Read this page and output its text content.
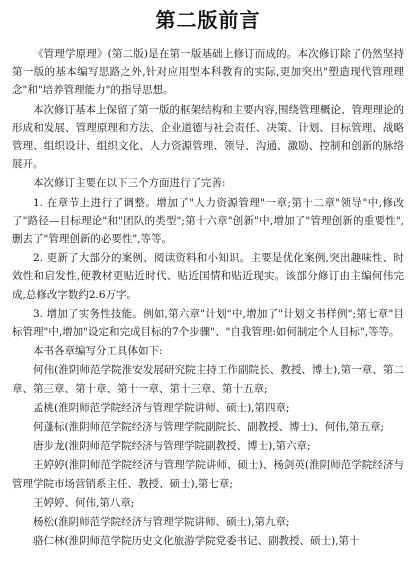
第二版前言

《管理学原理》(第二版)是在第一版基础上修订而成的。本次修订除了仍然坚持第一版的基本编写思路之外,针对应用型本科教育的实际,更加突出"塑造现代管理理念"和"培养管理能力"的指导思想。

本次修订基本上保留了第一版的框架结构和主要内容,围绕管理概论、管理理论的形成和发展、管理原理和方法、企业道德与社会责任、决策、计划、目标管理、战略管理、组织设计、组织文化、人力资源管理、领导、沟通、激励、控制和创新的脉络展开。

本次修订主要在以下三个方面进行了完善:

1. 在章节上进行了调整。增加了"人力资源管理"一章;第十二章"领导"中,修改了"路径—目标理论"和"团队的类型";第十六章"创新"中,增加了"管理创新的重要性",删去了"管理创新的必要性",等等。

2. 更新了大部分的案例、阅读资料和小知识。主要是优化案例,突出趣味性、时效性和启发性,使教材更贴近时代、贴近国情和贴近现实。该部分修订由主编何伟完成,总修改字数约2.6万字。

3. 增加了实务性技能。例如,第六章"计划"中,增加了"计划文书样例";第七章"目标管理"中,增加"设定和完成目标的7个步骤"、"自我管理:如何制定个人目标",等等。

本书各章编写分工具体如下:

何伟(淮阴师范学院淮安发展研究院主持工作副院长、教授、博士),第一章、第二章、第三章、第十章、第十一章、第十三章、第十五章;

孟桃(淮阴师范学院经济与管理学院讲师、硕士),第四章;

何蓬标(淮阴师范学院经济与管理学院副院长、副教授、博士)、何伟,第五章;

唐步龙(淮阴师范学院经济与管理学院副教授、博士),第六章;

王婷婷(淮阴师范学院经济与管理学院讲师、硕士)、杨剑英(淮阴师范学院经济与管理学院市场营销系主任、教授、硕士),第七章;

王婷婷、何伟,第八章;

杨松(淮阴师范学院经济与管理学院讲师、硕士),第九章;

骆仁林(淮阴师范学院历史文化旅游学院党委书记、副教授、硕士),第十
